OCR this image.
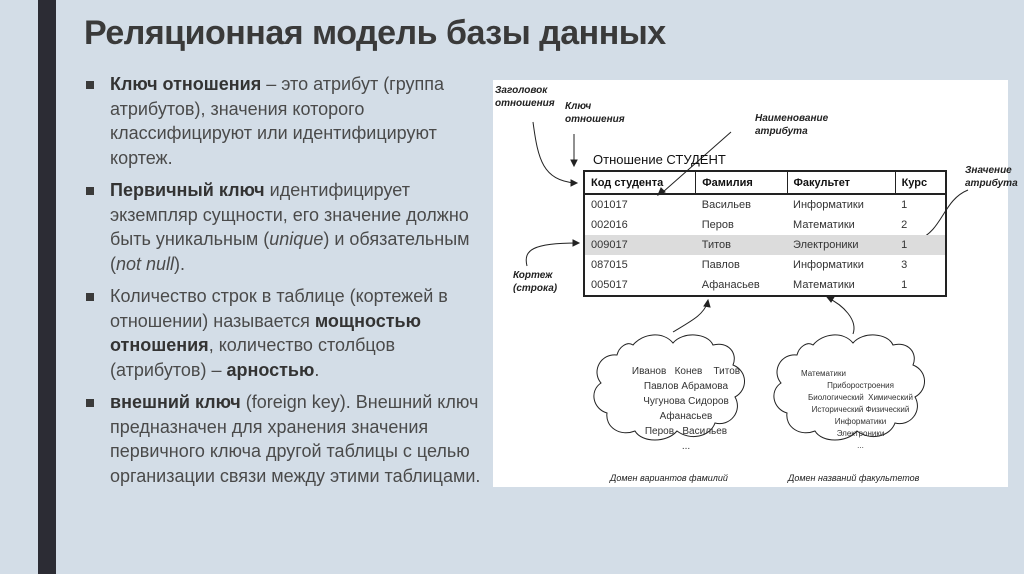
Реляционная модель базы данных
Ключ отношения – это атрибут (группа атрибутов), значения которого классифицируют или идентифицируют кортеж.
Первичный ключ идентифицирует экземпляр сущности, его значение должно быть уникальным (unique) и обязательным (not null).
Количество строк в таблице (кортежей в отношении) называется мощностью отношения, количество столбцов (атрибутов) – арностью.
внешний ключ (foreign key). Внешний ключ предназначен для хранения значения первичного ключа другой таблицы с целью организации связи между этими таблицами.
Заголовок отношения Ключ отношения	Наименование атрибута
Значение атрибута
Кортеж (строка)
Отношение СТУДЕНТ
Код студента	Фамилия	Факультет	Курс
001017	Васильев	Информатики	1
002016	Перов	Математики	2
009017	Титов	Электроники	1
087015	Павлов	Информатики	3
005017	Афанасьев	Математики	1
Иванов   Конев    Титов
Павлов Абрамова
Чугунова Сидоров
Афанасьев
Перов   Васильев
...
Математики
Приборостроения
Биологический  Химический
Исторический Физический
Информатики
Электроники
...
Домен вариантов фамилий	Домен названий факультетов
